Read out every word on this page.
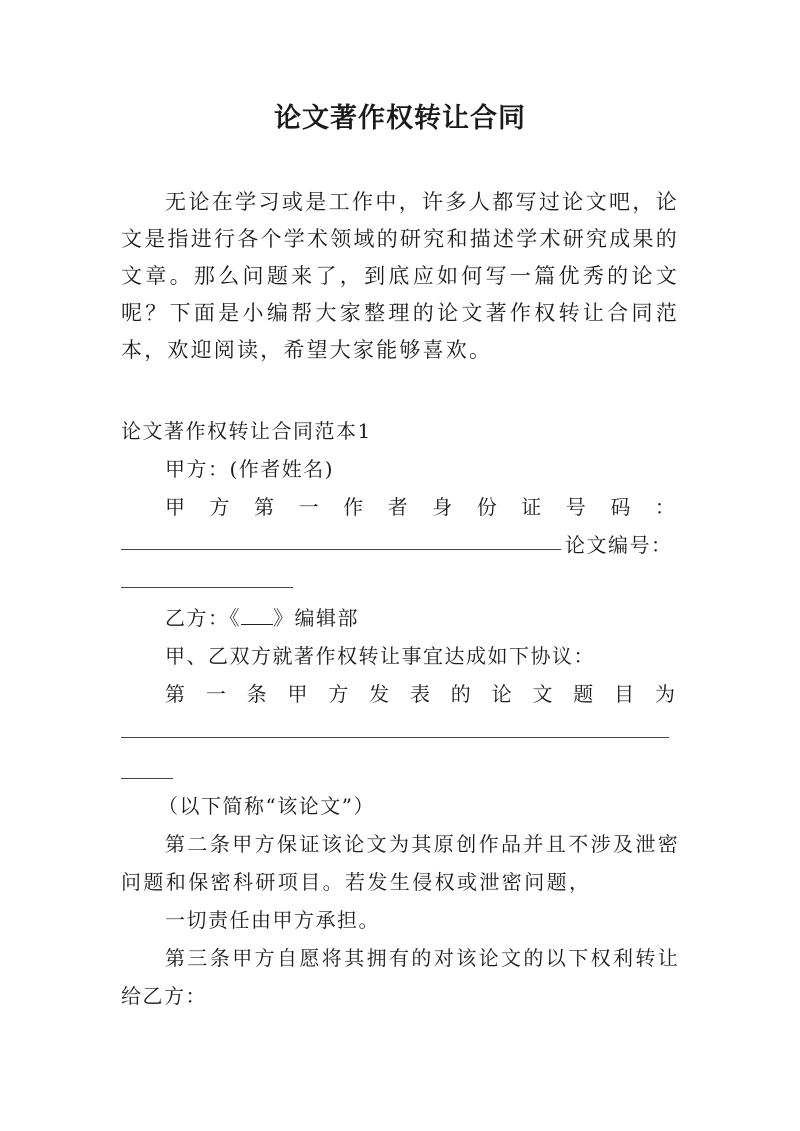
论文著作权转让合同
无论在学习或是工作中，许多人都写过论文吧，论文是指进行各个学术领域的研究和描述学术研究成果的文章。那么问题来了，到底应如何写一篇优秀的论文呢？下面是小编帮大家整理的论文著作权转让合同范本，欢迎阅读，希望大家能够喜欢。
论文著作权转让合同范本1
甲方：(作者姓名)
甲 方 第 一 作 者 身 份 证 号 码 ：
论文编号：
乙方：《 》编辑部
甲、乙双方就著作权转让事宜达成如下协议：
第 一 条 甲 方 发 表 的 论 文 题 目 为
（以下简称“该论文”）
第二条甲方保证该论文为其原创作品并且不涉及泄密
问题和保密科研项目。若发生侵权或泄密问题，
一切责任由甲方承担。
第三条甲方自愿将其拥有的对该论文的以下权利转让
给乙方：
